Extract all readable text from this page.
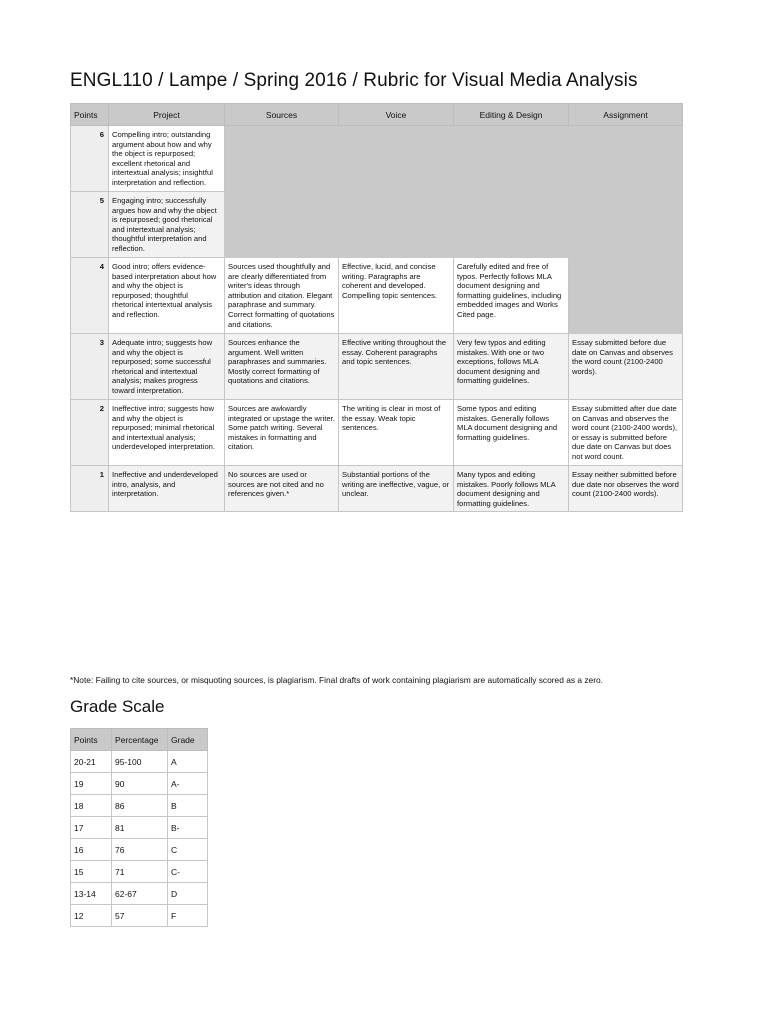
ENGL110 / Lampe / Spring 2016 / Rubric for Visual Media Analysis
Points	Project	Sources	Voice	Editing & Design	Assignment
6	Compelling intro; outstanding argument about how and why the object is repurposed; excellent rhetorical and intertextual analysis; insightful interpretation and reflection.				
5	Engaging intro; successfully argues how and why the object is repurposed; good rhetorical and intertextual analysis; thoughtful interpretation and reflection.				
4	Good intro; offers evidence-based interpretation about how and why the object is repurposed; thoughtful rhetorical intertextual analysis and reflection.	Sources used thoughtfully and are clearly differentiated from writer's ideas through attribution and citation. Elegant paraphrase and summary. Correct formatting of quotations and citations.	Effective, lucid, and concise writing. Paragraphs are coherent and developed. Compelling topic sentences.	Carefully edited and free of typos. Perfectly follows MLA document designing and formatting guidelines, including embedded images and Works Cited page.	
3	Adequate intro; suggests how and why the object is repurposed; some successful rhetorical and intertextual analysis; makes progress toward interpretation.	Sources enhance the argument. Well written paraphrases and summaries. Mostly correct formatting of quotations and citations.	Effective writing throughout the essay. Coherent paragraphs and topic sentences.	Very few typos and editing mistakes. With one or two exceptions, follows MLA document designing and formatting guidelines.	Essay submitted before due date on Canvas and observes the word count (2100-2400 words).
2	Ineffective intro; suggests how and why the object is repurposed; minimal rhetorical and intertextual analysis; underdeveloped interpretation.	Sources are awkwardly integrated or upstage the writer. Some patch writing. Several mistakes in formatting and citation.	The writing is clear in most of the essay. Weak topic sentences.	Some typos and editing mistakes. Generally follows MLA document designing and formatting guidelines.	Essay submitted after due date on Canvas and observes the word count (2100-2400 words), or essay is submitted before due date on Canvas but does not word count.
1	Ineffective and underdeveloped intro, analysis, and interpretation.	No sources are used or sources are not cited and no references given.*	Substantial portions of the writing are ineffective, vague, or unclear.	Many typos and editing mistakes. Poorly follows MLA document designing and formatting guidelines.	Essay neither submitted before due date nor observes the word count (2100-2400 words).
*Note: Failing to cite sources, or misquoting sources, is plagiarism. Final drafts of work containing plagiarism are automatically scored as a zero.
Grade Scale
Points	Percentage	Grade
20-21	95-100	A
19	90	A-
18	86	B
17	81	B-
16	76	C
15	71	C-
13-14	62-67	D
12	57	F
